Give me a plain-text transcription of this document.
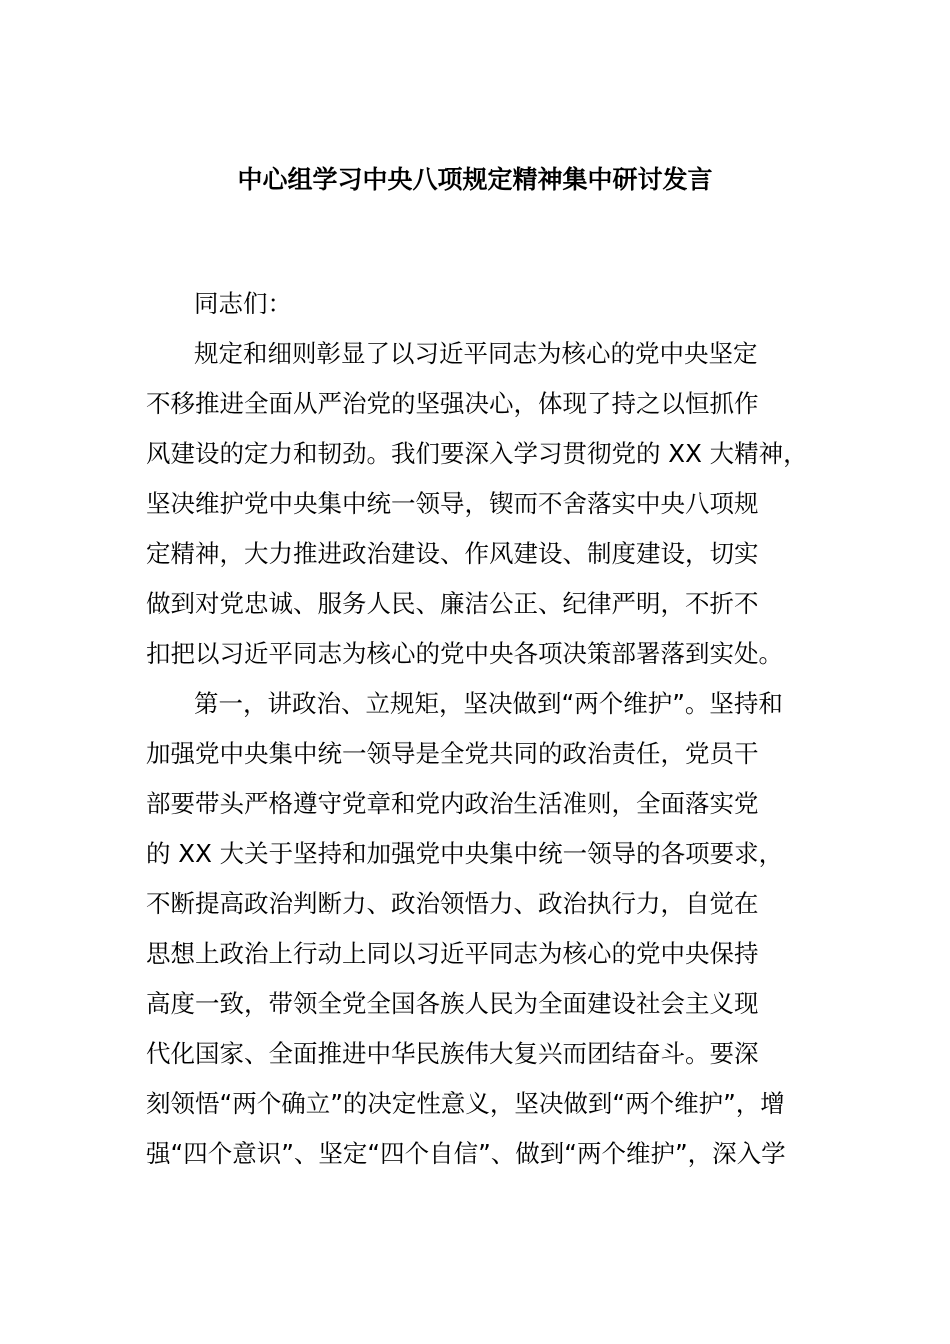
中心组学习中央八项规定精神集中研讨发言
同志们：
规定和细则彰显了以习近平同志为核心的党中央坚定
不移推进全面从严治党的坚强决心，体现了持之以恒抓作
风建设的定力和韧劲。我们要深入学习贯彻党的 XX 大精神，
坚决维护党中央集中统一领导，锲而不舍落实中央八项规
定精神，大力推进政治建设、作风建设、制度建设，切实
做到对党忠诚、服务人民、廉洁公正、纪律严明，不折不
扣把以习近平同志为核心的党中央各项决策部署落到实处。
第一，讲政治、立规矩，坚决做到“两个维护”。坚持和
加强党中央集中统一领导是全党共同的政治责任，党员干
部要带头严格遵守党章和党内政治生活准则，全面落实党
的 XX 大关于坚持和加强党中央集中统一领导的各项要求，
不断提高政治判断力、政治领悟力、政治执行力，自觉在
思想上政治上行动上同以习近平同志为核心的党中央保持
高度一致，带领全党全国各族人民为全面建设社会主义现
代化国家、全面推进中华民族伟大复兴而团结奋斗。要深
刻领悟“两个确立”的决定性意义，坚决做到“两个维护”，增
强“四个意识”、坚定“四个自信”、做到“两个维护”，深入学
